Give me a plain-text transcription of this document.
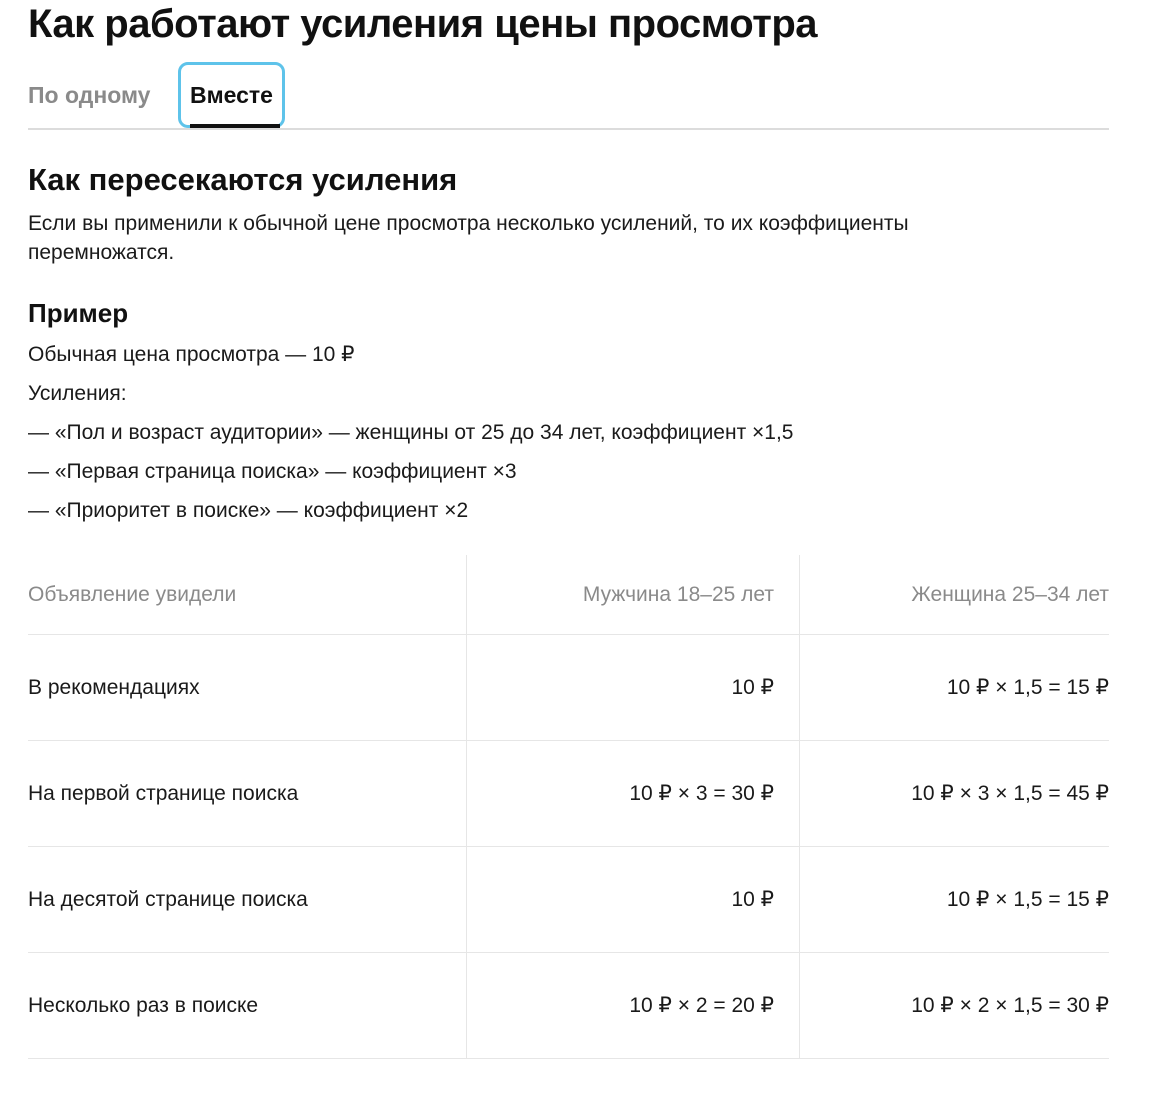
Как работают усиления цены просмотра
По одному	Вместе
Как пересекаются усиления

Если вы применили к обычной цене просмотра несколько усилений, то их коэффициенты перемножатся.

Пример
Обычная цена просмотра — 10 ₽
Усиления:
— «Пол и возраст аудитории» — женщины от 25 до 34 лет, коэффициент ×1,5
— «Первая страница поиска» — коэффициент ×3
— «Приоритет в поиске» — коэффициент ×2
Объявление увидели	Мужчина 18–25 лет	Женщина 25–34 лет
В рекомендациях	10 ₽	10 ₽ × 1,5 = 15 ₽
На первой странице поиска	10 ₽ × 3 = 30 ₽	10 ₽ × 3 × 1,5 = 45 ₽
На десятой странице поиска	10 ₽	10 ₽ × 1,5 = 15 ₽
Несколько раз в поиске	10 ₽ × 2 = 20 ₽	10 ₽ × 2 × 1,5 = 30 ₽
